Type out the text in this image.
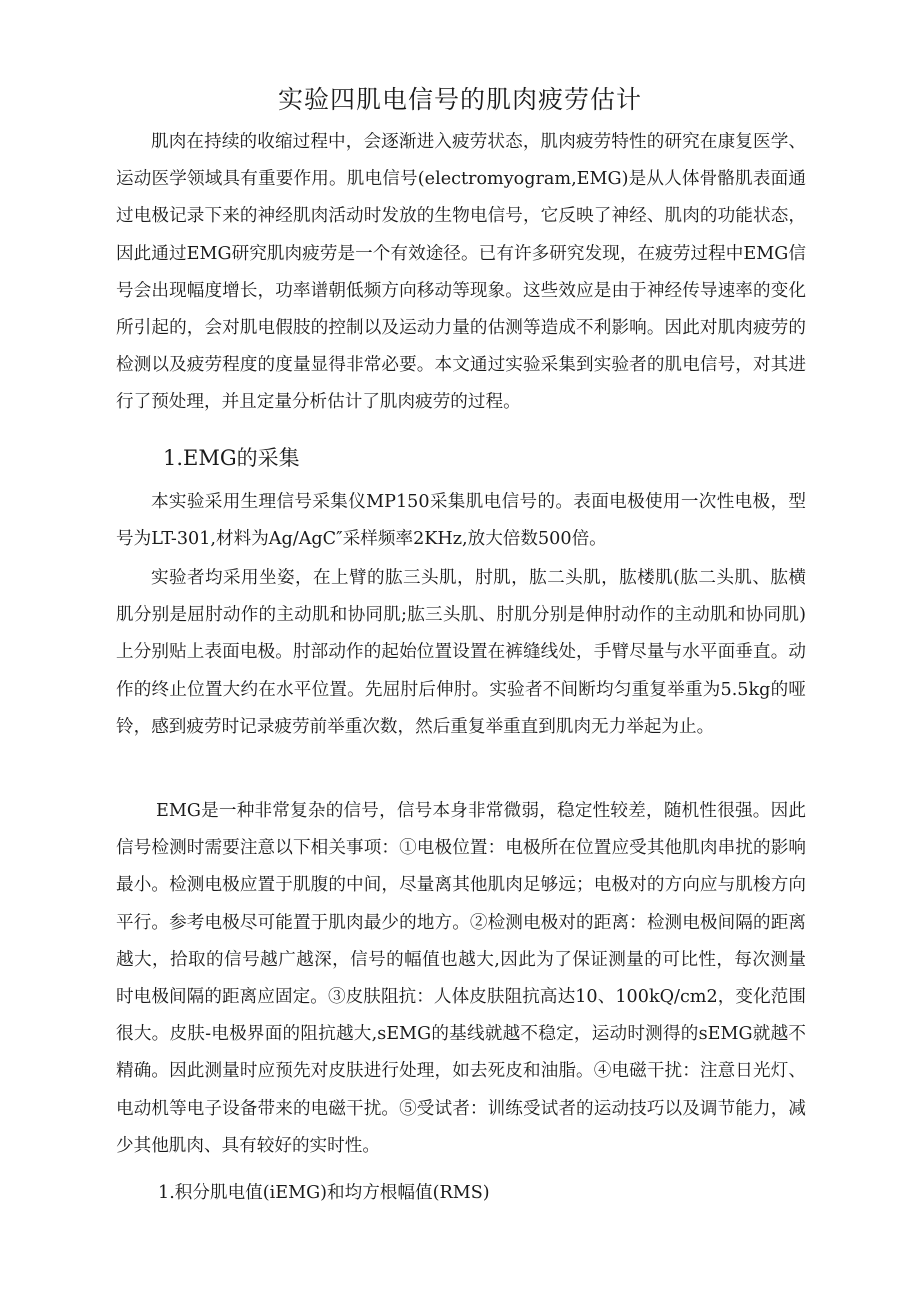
实验四肌电信号的肌肉疲劳估计

肌肉在持续的收缩过程中，会逐渐进入疲劳状态，肌肉疲劳特性的研究在康复医学、运动医学领域具有重要作用。肌电信号(electromyogram,EMG)是从人体骨骼肌表面通过电极记录下来的神经肌肉活动时发放的生物电信号，它反映了神经、肌肉的功能状态，因此通过EMG研究肌肉疲劳是一个有效途径。已有许多研究发现，在疲劳过程中EMG信号会出现幅度增长，功率谱朝低频方向移动等现象。这些效应是由于神经传导速率的变化所引起的，会对肌电假肢的控制以及运动力量的估测等造成不利影响。因此对肌肉疲劳的检测以及疲劳程度的度量显得非常必要。本文通过实验采集到实验者的肌电信号，对其进行了预处理，并且定量分析估计了肌肉疲劳的过程。

1.EMG的采集

本实验采用生理信号采集仪MP150采集肌电信号的。表面电极使用一次性电极，型号为LT-301,材料为Ag/AgC″采样频率2KHz,放大倍数500倍。

实验者均采用坐姿，在上臂的肱三头肌，肘肌，肱二头肌，肱楼肌(肱二头肌、肱横肌分别是屈肘动作的主动肌和协同肌;肱三头肌、肘肌分别是伸肘动作的主动肌和协同肌)上分别贴上表面电极。肘部动作的起始位置设置在裤缝线处，手臂尽量与水平面垂直。动作的终止位置大约在水平位置。先屈肘后伸肘。实验者不间断均匀重复举重为5.5kg的哑铃，感到疲劳时记录疲劳前举重次数，然后重复举重直到肌肉无力举起为止。

EMG是一种非常复杂的信号，信号本身非常微弱，稳定性较差，随机性很强。因此信号检测时需要注意以下相关事项：①电极位置：电极所在位置应受其他肌肉串扰的影响最小。检测电极应置于肌腹的中间，尽量离其他肌肉足够远；电极对的方向应与肌梭方向平行。参考电极尽可能置于肌肉最少的地方。②检测电极对的距离：检测电极间隔的距离越大，拾取的信号越广越深，信号的幅值也越大,因此为了保证测量的可比性，每次测量时电极间隔的距离应固定。③皮肤阻抗：人体皮肤阻抗高达10、100kQ/cm2，变化范围很大。皮肤-电极界面的阻抗越大,sEMG的基线就越不稳定，运动时测得的sEMG就越不精确。因此测量时应预先对皮肤进行处理，如去死皮和油脂。④电磁干扰：注意日光灯、电动机等电子设备带来的电磁干扰。⑤受试者：训练受试者的运动技巧以及调节能力，减少其他肌肉、具有较好的实时性。

1.积分肌电值(iEMG)和均方根幅值(RMS)
